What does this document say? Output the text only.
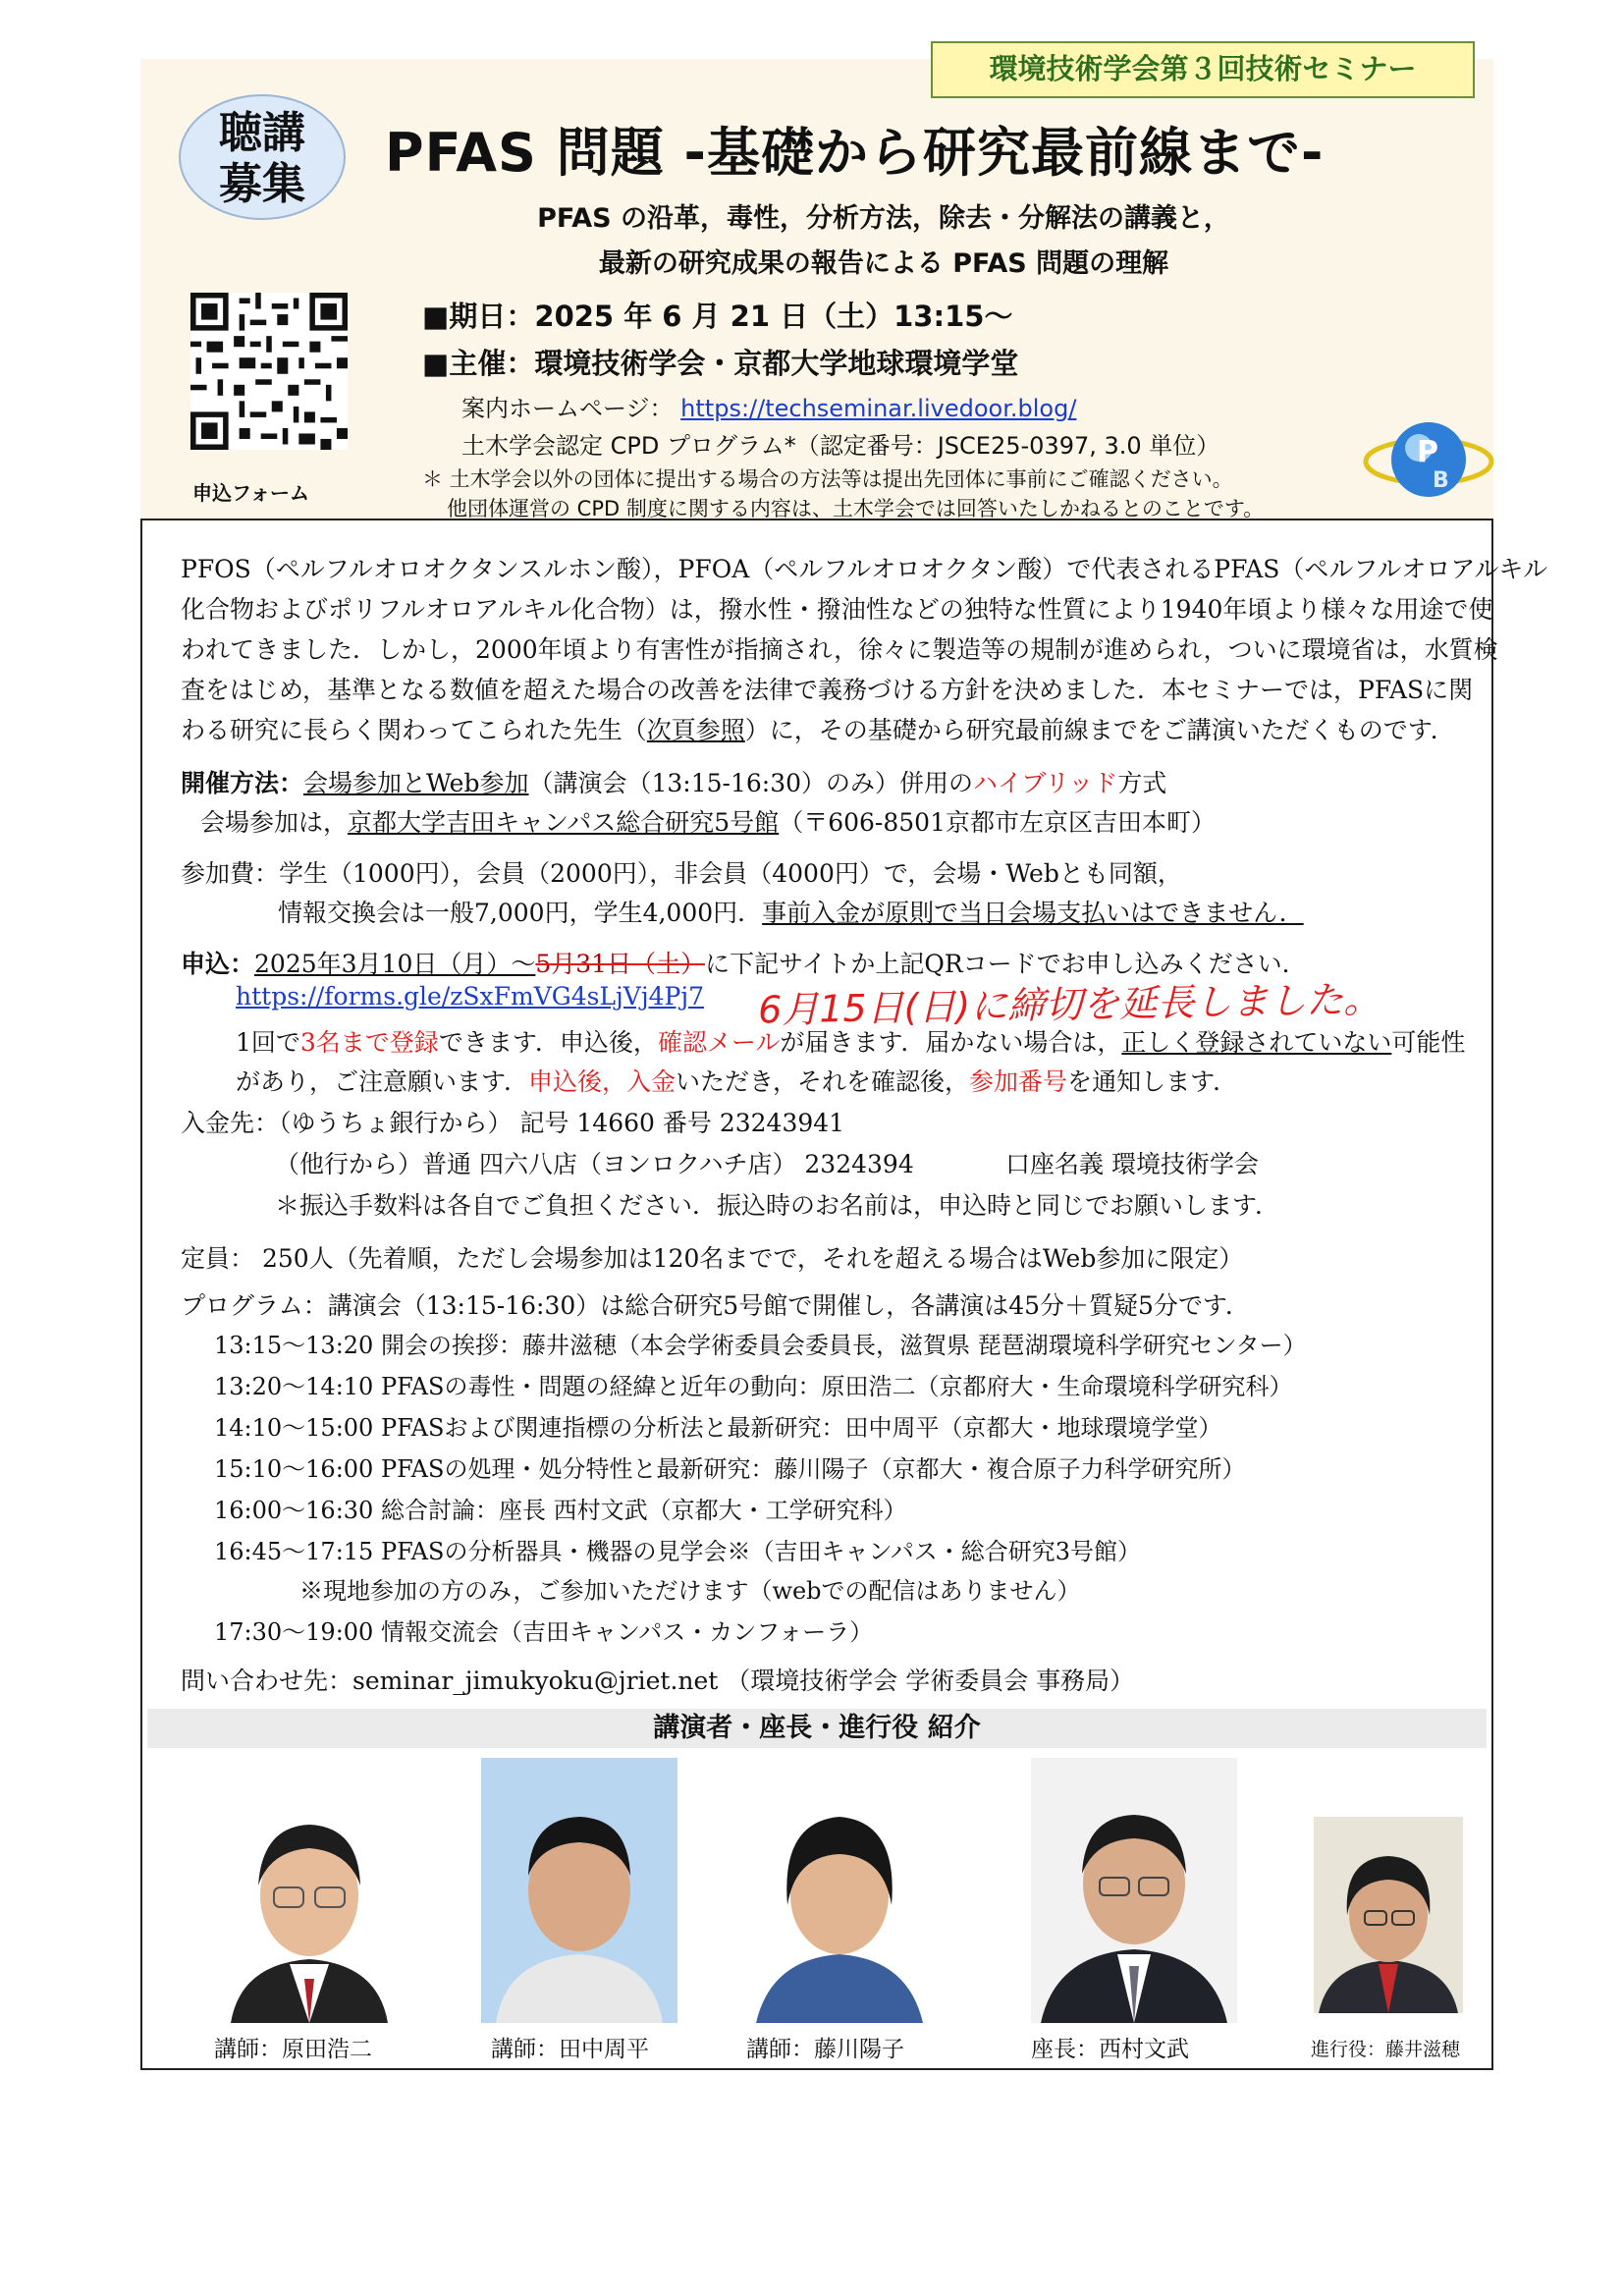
環境技術学会第３回技術セミナー
聴講
募集
PFAS 問題 -基礎から研究最前線まで-
PFAS の沿革，毒性，分析方法，除去・分解法の講義と，
最新の研究成果の報告による PFAS 問題の理解
申込フォーム
■期日：2025 年 6 月 21 日（土）13:15～
■主催：環境技術学会・京都大学地球環境学堂
案内ホームページ： https://techseminar.livedoor.blog/
土木学会認定 CPD プログラム*（認定番号：JSCE25-0397, 3.0 単位）
＊ 土木学会以外の団体に提出する場合の方法等は提出先団体に事前にご確認ください。
他団体運営の CPD 制度に関する内容は、土木学会では回答いたしかねるとのことです。
P
B
PFOS（ペルフルオロオクタンスルホン酸），PFOA（ペルフルオロオクタン酸）で代表されるPFAS（ペルフルオロアルキル
化合物およびポリフルオロアルキル化合物）は，撥水性・撥油性などの独特な性質により1940年頃より様々な用途で使
われてきました．しかし，2000年頃より有害性が指摘され，徐々に製造等の規制が進められ，ついに環境省は，水質検
査をはじめ，基準となる数値を超えた場合の改善を法律で義務づける方針を決めました．本セミナーでは，PFASに関
わる研究に長らく関わってこられた先生（次頁参照）に，その基礎から研究最前線までをご講演いただくものです．
開催方法：会場参加とWeb参加（講演会（13:15-16:30）のみ）併用のハイブリッド方式
会場参加は，京都大学吉田キャンパス総合研究5号館（〒606-8501京都市左京区吉田本町）
参加費：学生（1000円），会員（2000円），非会員（4000円）で，会場・Webとも同額，
情報交換会は一般7,000円，学生4,000円．事前入金が原則で当日会場支払いはできません．
申込：2025年3月10日（月）～5月31日（土）に下記サイトか上記QRコードでお申し込みください．
https://forms.gle/zSxFmVG4sLjVj4Pj7 6月15日(日)に締切を延長しました。
1回で3名まで登録できます．申込後，確認メールが届きます．届かない場合は，正しく登録されていない可能性
があり，ご注意願います．申込後，入金いただき，それを確認後，参加番号を通知します．
入金先：（ゆうちょ銀行から） 記号 14660 番号 23243941
（他行から）普通 四六八店（ヨンロクハチ店） 2324394	口座名義 環境技術学会
＊振込手数料は各自でご負担ください．振込時のお名前は，申込時と同じでお願いします．
定員： 250人（先着順，ただし会場参加は120名までで，それを超える場合はWeb参加に限定）
プログラム：講演会（13:15-16:30）は総合研究5号館で開催し，各講演は45分＋質疑5分です．
13:15～13:20 開会の挨拶：藤井滋穂（本会学術委員会委員長，滋賀県 琵琶湖環境科学研究センター）
13:20～14:10 PFASの毒性・問題の経緯と近年の動向：原田浩二（京都府大・生命環境科学研究科）
14:10～15:00 PFASおよび関連指標の分析法と最新研究：田中周平（京都大・地球環境学堂）
15:10～16:00 PFASの処理・処分特性と最新研究：藤川陽子（京都大・複合原子力科学研究所）
16:00～16:30 総合討論：座長 西村文武（京都大・工学研究科）
16:45～17:15 PFASの分析器具・機器の見学会※（吉田キャンパス・総合研究3号館）
※現地参加の方のみ，ご参加いただけます（webでの配信はありません）
17:30～19:00 情報交流会（吉田キャンパス・カンフォーラ）
問い合わせ先：seminar_jimukyoku@jriet.net （環境技術学会 学術委員会 事務局）
講演者・座長・進行役 紹介
講師：原田浩二	講師：田中周平	講師：藤川陽子	座長：西村文武	進行役：藤井滋穂
